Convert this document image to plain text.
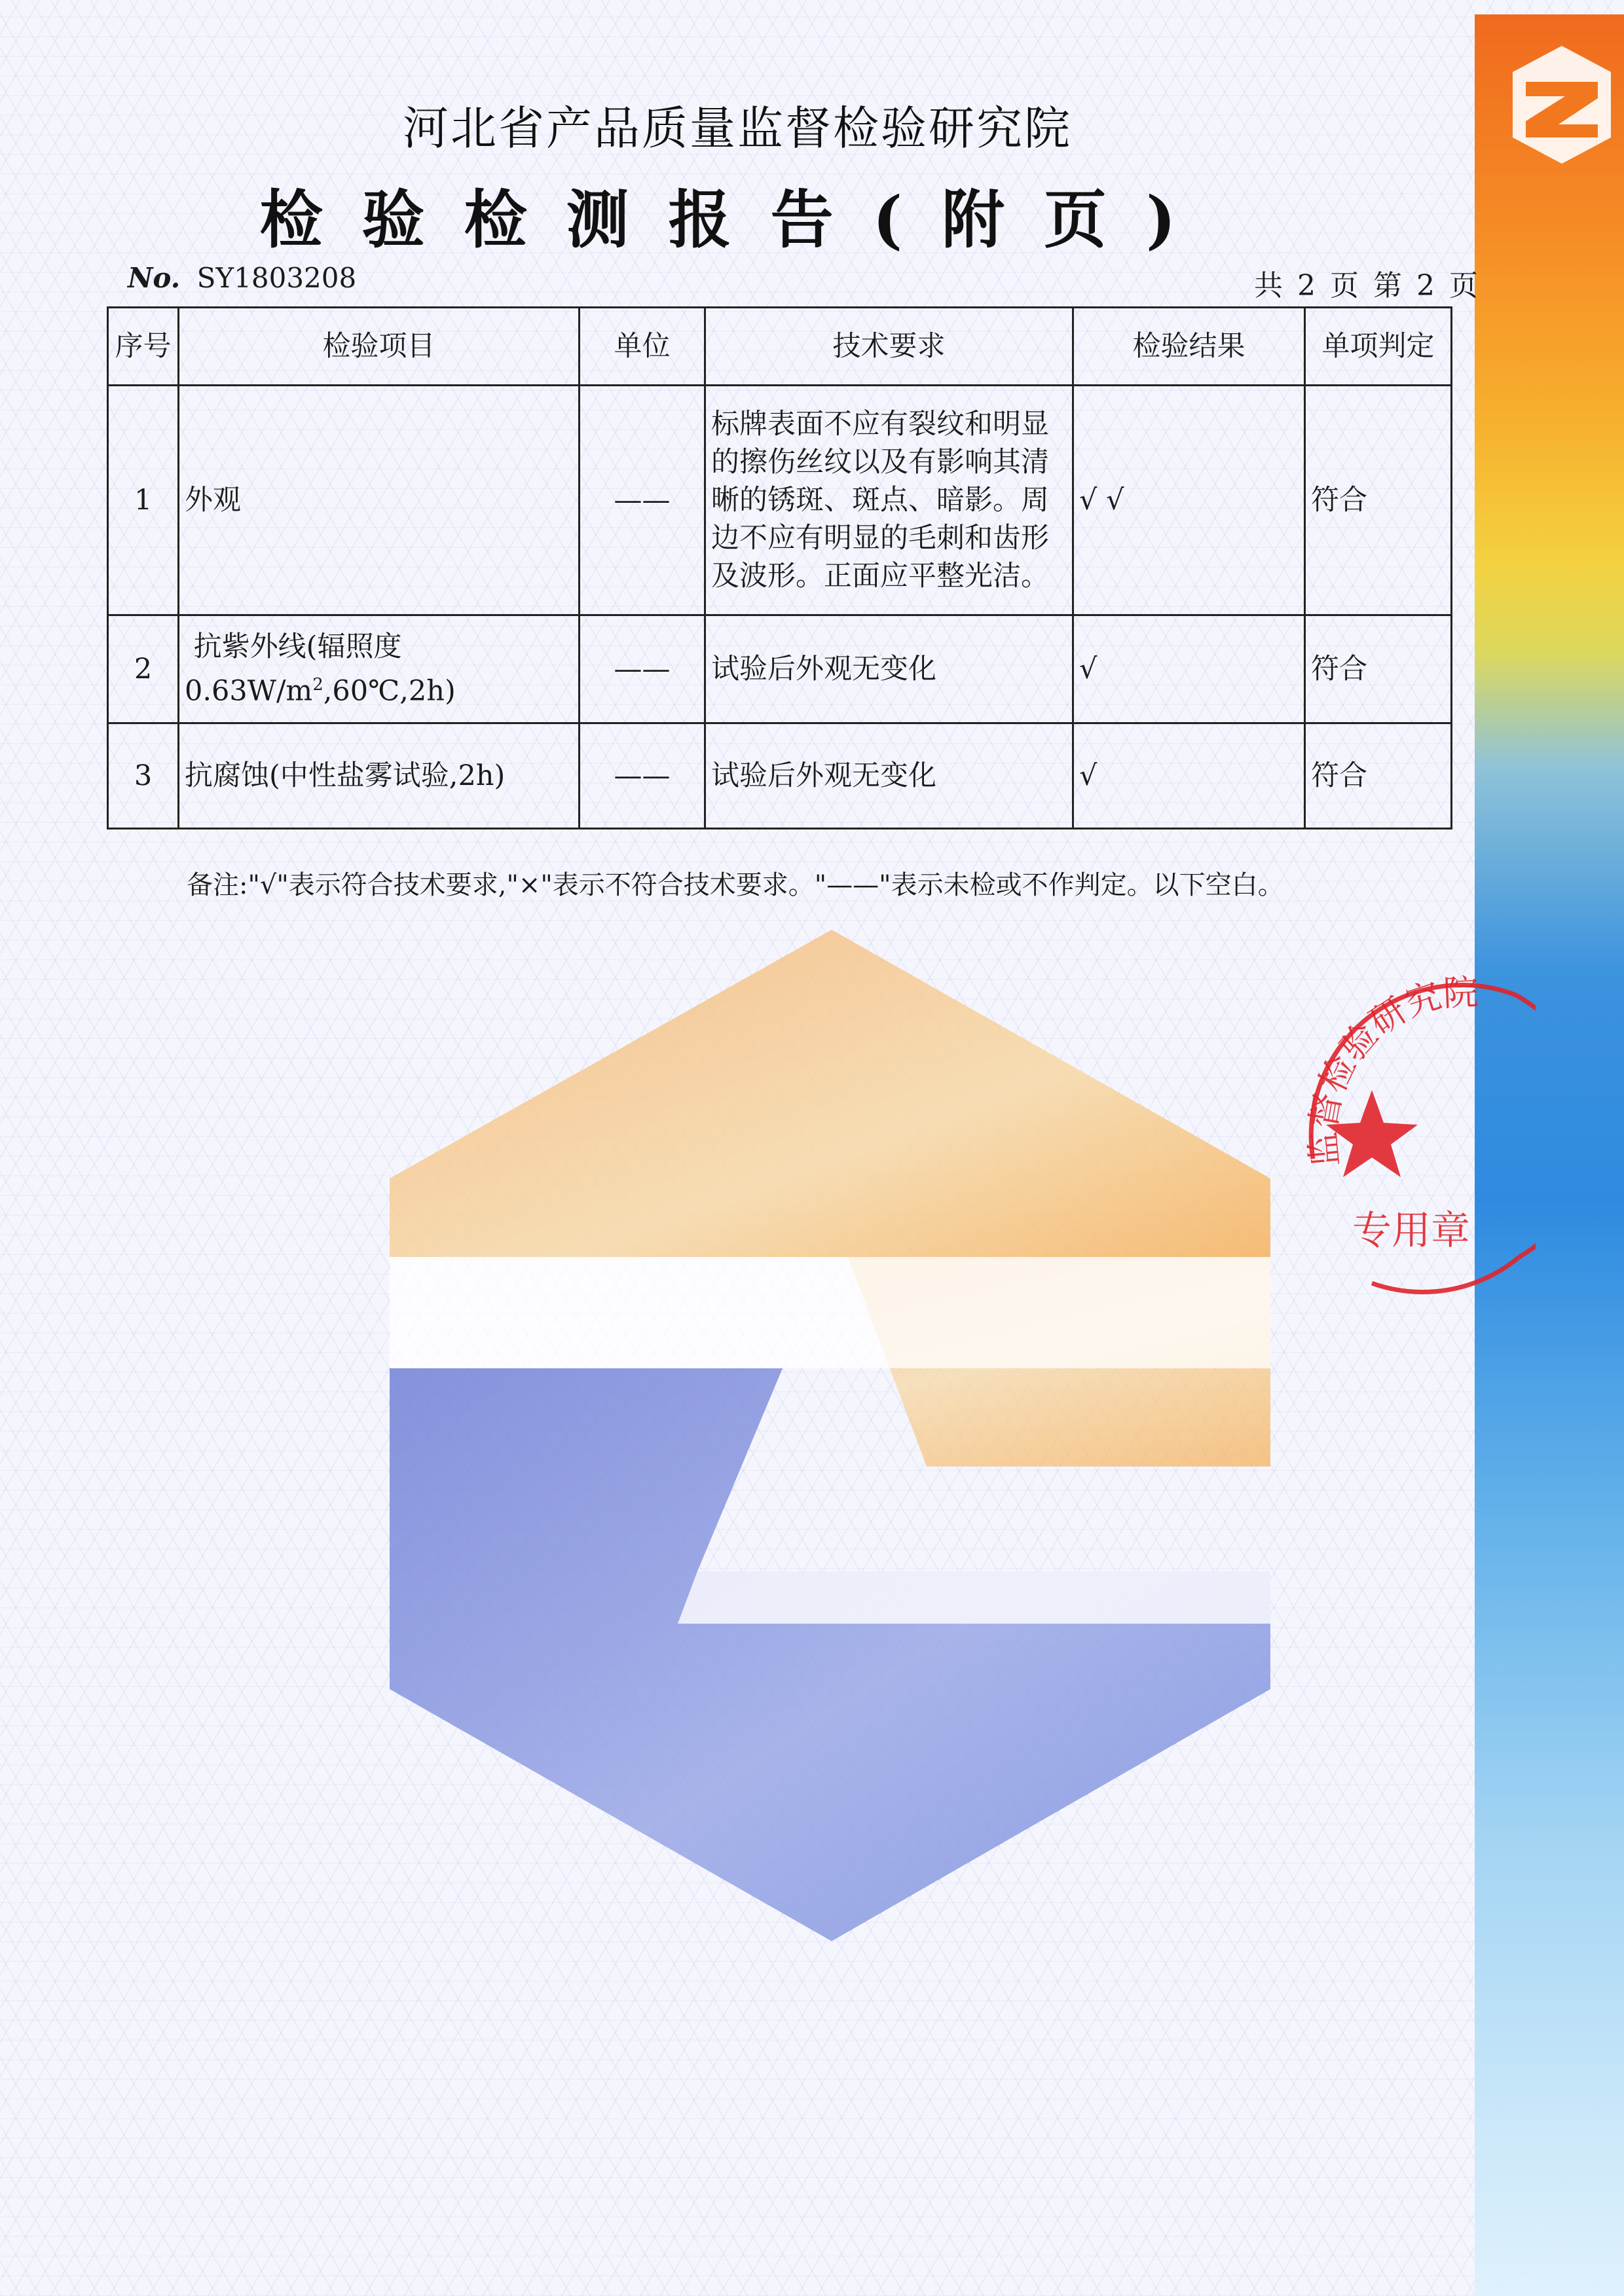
河北省产品质量监督检验研究院
检验检测报告(附页)
No. SY1803208	共 2 页 第 2 页
序号	检验项目	单位	技术要求	检验结果	单项判定
1	外观	——	标牌表面不应有裂纹和明显的擦伤丝纹以及有影响其清晰的锈斑、斑点、暗影。周边不应有明显的毛刺和齿形及波形。正面应平整光洁。	√ √	符合
2	抗紫外线(辐照度
$0.63W/m^2,60℃,2h$)	——	试验后外观无变化	√	符合
3	抗腐蚀(中性盐雾试验,2h)	——	试验后外观无变化	√	符合
备注:"√"表示符合技术要求,"×"表示不符合技术要求。"——"表示未检或不作判定。以下空白。
监督检验研究院
专用章
